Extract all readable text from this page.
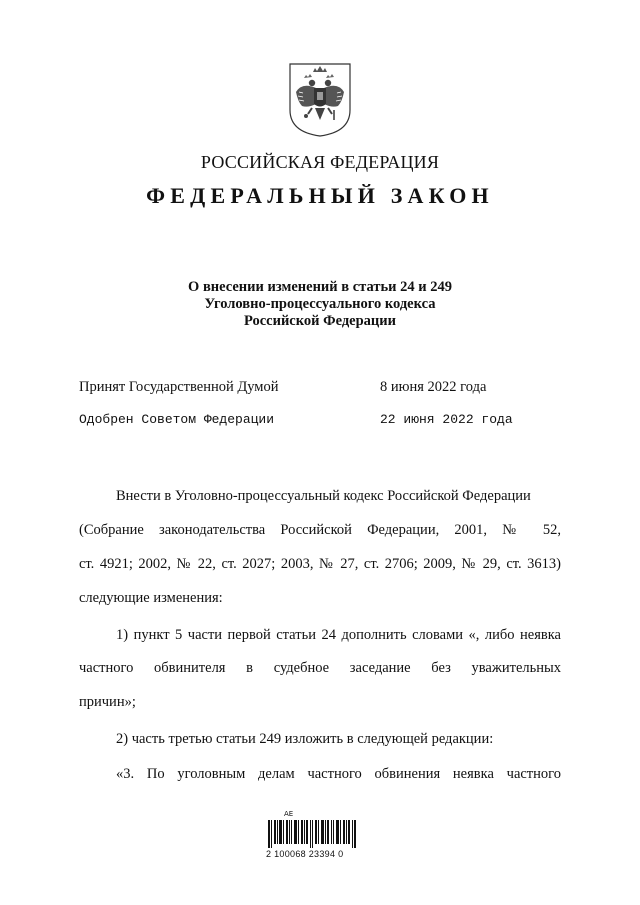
РОССИЙСКАЯ ФЕДЕРАЦИЯ
ФЕДЕРАЛЬНЫЙ ЗАКОН
О внесении изменений в статьи 24 и 249
Уголовно-процессуального кодекса
Российской Федерации
Принят Государственной Думой	8 июня 2022 года
Одобрен Советом Федерации	22 июня 2022 года
Внести в Уголовно-процессуальный кодекс Российской Федерации
(Собрание законодательства Российской Федерации, 2001, № 52,
ст. 4921; 2002, № 22, ст. 2027; 2003, № 27, ст. 2706; 2009, № 29, ст. 3613)
следующие изменения:
1) пункт 5 части первой статьи 24 дополнить словами «, либо неявка
частного обвинителя в судебное заседание без уважительных
причин»;
2) часть третью статьи 249 изложить в следующей редакции:
«3. По уголовным делам частного обвинения неявка частного
АЕ
2 100068 23394 0
